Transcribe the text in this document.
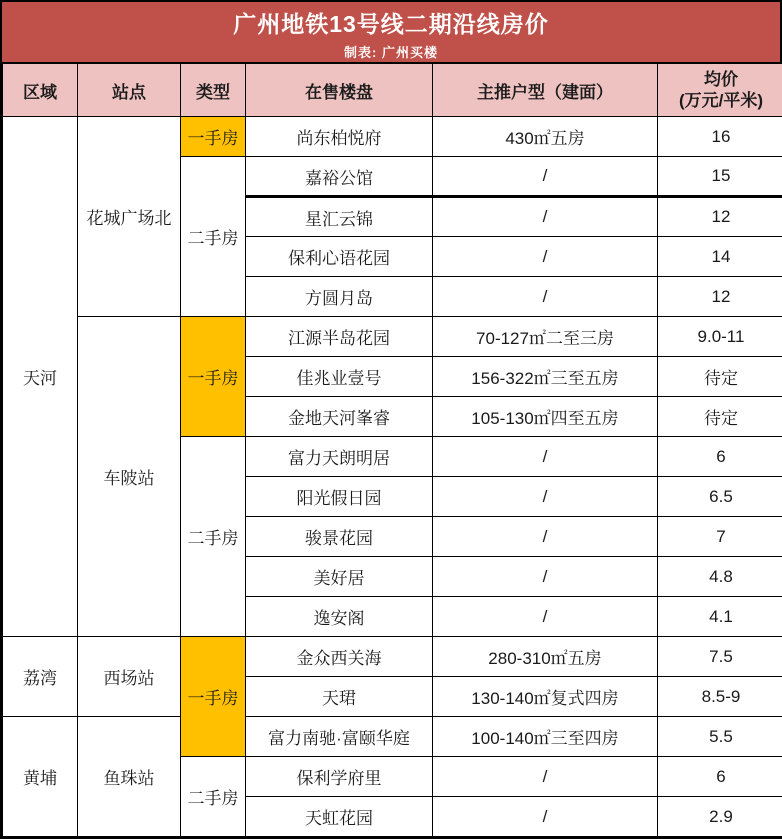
广州地铁13号线二期沿线房价
制表: 广州买楼
区域	站点	类型	在售楼盘	主推户型（建面）	均价
(万元/平米)

天河	花城广场北	一手房	尚东柏悦府	430㎡五房	16
		二手房	嘉裕公馆	/	15
			星汇云锦	/	12
			保利心语花园	/	14
			方圆月岛	/	12
	车陂站	一手房	江源半岛花园	70-127㎡二至三房	9.0-11
			佳兆业壹号	156-322㎡三至五房	待定
			金地天河峯睿	105-130㎡四至五房	待定
		二手房	富力天朗明居	/	6
			阳光假日园	/	6.5
			骏景花园	/	7
			美好居	/	4.8
			逸安阁	/	4.1
荔湾	西场站	一手房	金众西关海	280-310㎡五房	7.5
			天珺	130-140㎡复式四房	8.5-9
黄埔	鱼珠站		富力南驰·富颐华庭	100-140㎡三至四房	5.5
		二手房	保利学府里	/	6
			天虹花园	/	2.9
